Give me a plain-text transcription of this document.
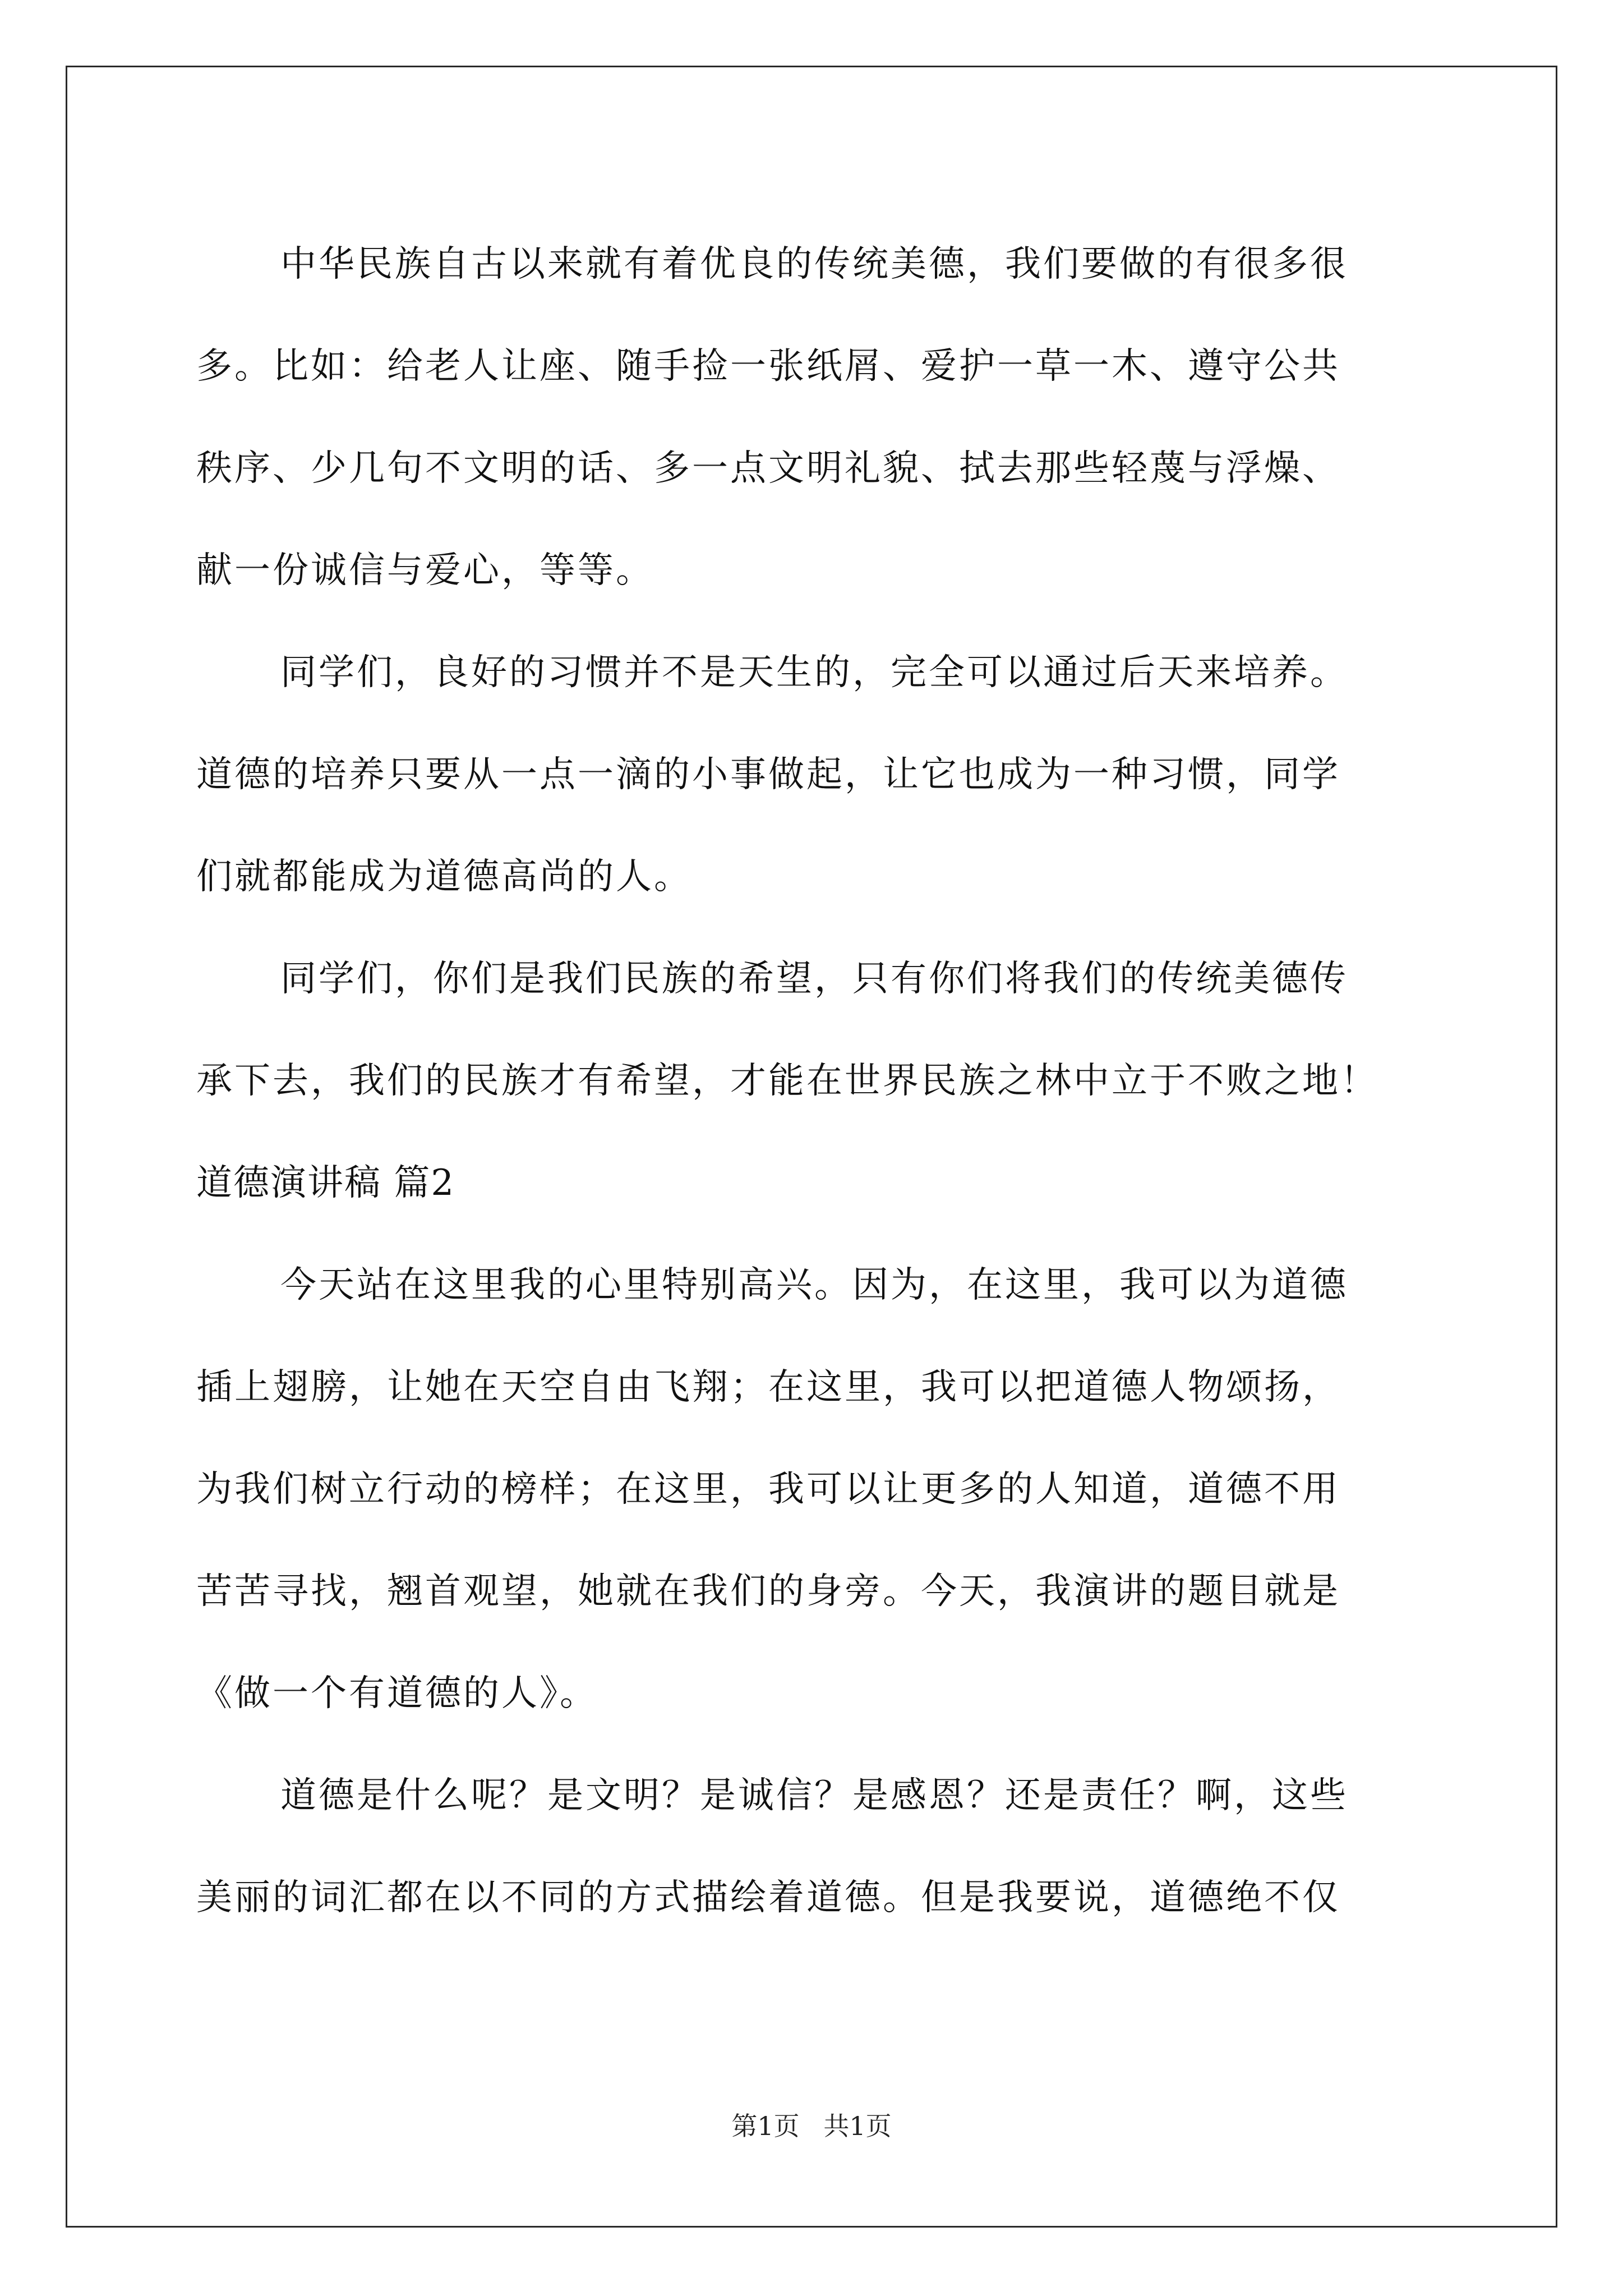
中华民族自古以来就有着优良的传统美德，我们要做的有很多很
多。比如：给老人让座、随手捡一张纸屑、爱护一草一木、遵守公共
秩序、少几句不文明的话、多一点文明礼貌、拭去那些轻蔑与浮燥、
献一份诚信与爱心，等等。
同学们，良好的习惯并不是天生的，完全可以通过后天来培养。
道德的培养只要从一点一滴的小事做起，让它也成为一种习惯，同学
们就都能成为道德高尚的人。
同学们，你们是我们民族的希望，只有你们将我们的传统美德传
承下去，我们的民族才有希望，才能在世界民族之林中立于不败之地！
道德演讲稿 篇2
今天站在这里我的心里特别高兴。因为，在这里，我可以为道德
插上翅膀，让她在天空自由飞翔；在这里，我可以把道德人物颂扬，
为我们树立行动的榜样；在这里，我可以让更多的人知道，道德不用
苦苦寻找，翘首观望，她就在我们的身旁。今天，我演讲的题目就是
《做一个有道德的人》。
道德是什么呢？是文明？是诚信？是感恩？还是责任？啊，这些
美丽的词汇都在以不同的方式描绘着道德。但是我要说，道德绝不仅
第1页 共1页
